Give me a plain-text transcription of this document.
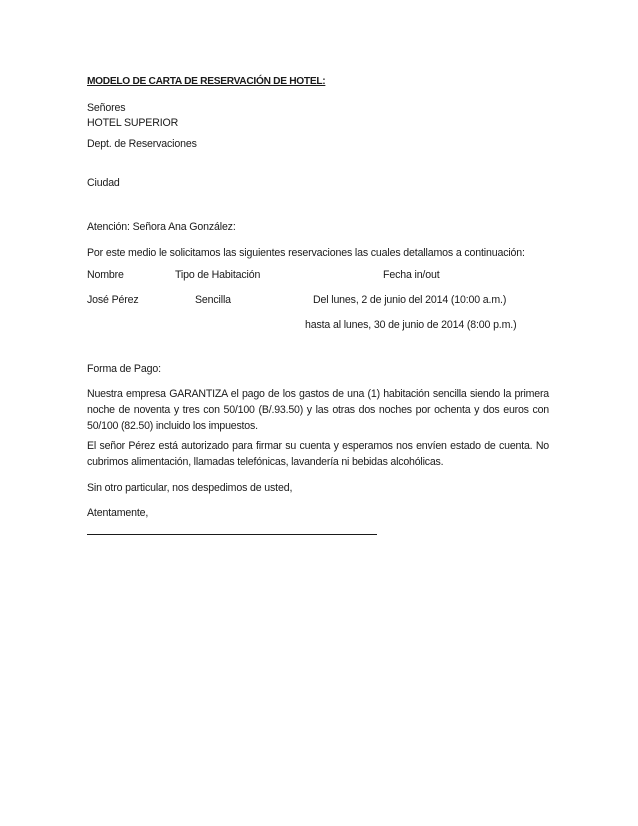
MODELO DE CARTA DE RESERVACIÓN DE HOTEL:
Señores
HOTEL SUPERIOR
Dept. de Reservaciones
Ciudad
Atención: Señora Ana González:
Por este medio le solicitamos las siguientes reservaciones las cuales detallamos a continuación:
Nombre	Tipo de Habitación	Fecha in/out
José Pérez	Sencilla	Del lunes, 2 de junio del 2014 (10:00 a.m.)
hasta al lunes, 30 de junio de 2014 (8:00 p.m.)
Forma de Pago:
Nuestra empresa GARANTIZA el pago de los gastos de una (1) habitación sencilla siendo la primera noche de noventa y tres con 50/100 (B/.93.50) y las otras dos noches por ochenta y dos euros con 50/100 (82.50) incluido los impuestos.
El señor Pérez está autorizado para firmar su cuenta y esperamos nos envíen estado de cuenta. No cubrimos alimentación, llamadas telefónicas, lavandería ni bebidas alcohólicas.
Sin otro particular, nos despedimos de usted,
Atentamente,
